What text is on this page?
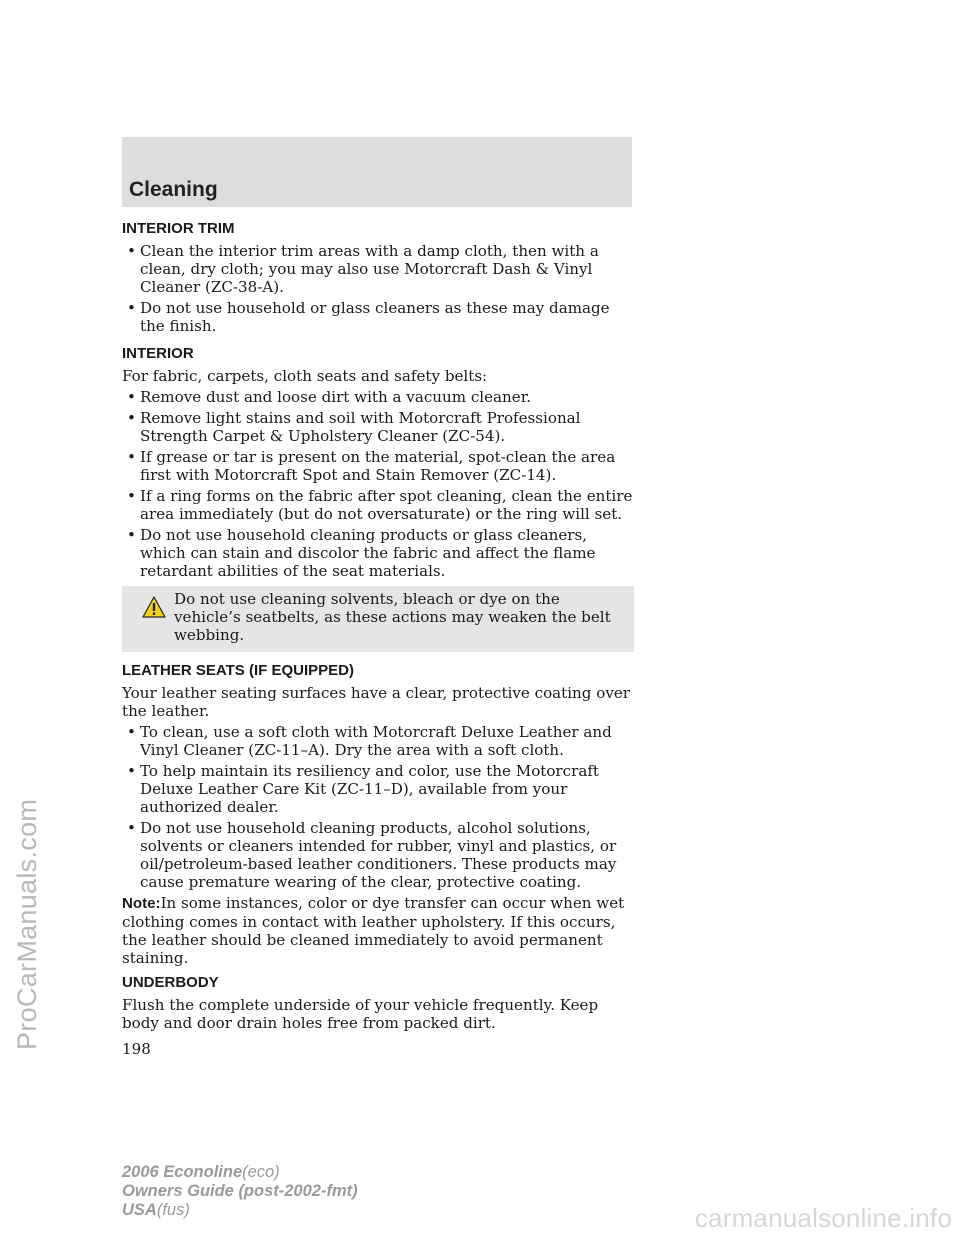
ProCarManuals.com
Cleaning
INTERIOR TRIM
• Clean the interior trim areas with a damp cloth, then with a clean, dry cloth; you may also use Motorcraft Dash & Vinyl Cleaner (ZC-38-A).
• Do not use household or glass cleaners as these may damage the finish.
INTERIOR
For fabric, carpets, cloth seats and safety belts:
• Remove dust and loose dirt with a vacuum cleaner.
• Remove light stains and soil with Motorcraft Professional Strength Carpet & Upholstery Cleaner (ZC-54).
• If grease or tar is present on the material, spot-clean the area first with Motorcraft Spot and Stain Remover (ZC-14).
• If a ring forms on the fabric after spot cleaning, clean the entire area immediately (but do not oversaturate) or the ring will set.
• Do not use household cleaning products or glass cleaners, which can stain and discolor the fabric and affect the flame retardant abilities of the seat materials.
Do not use cleaning solvents, bleach or dye on the vehicle’s seatbelts, as these actions may weaken the belt webbing.
LEATHER SEATS (IF EQUIPPED)
Your leather seating surfaces have a clear, protective coating over the leather.
• To clean, use a soft cloth with Motorcraft Deluxe Leather and Vinyl Cleaner (ZC-11–A). Dry the area with a soft cloth.
• To help maintain its resiliency and color, use the Motorcraft Deluxe Leather Care Kit (ZC-11–D), available from your authorized dealer.
• Do not use household cleaning products, alcohol solutions, solvents or cleaners intended for rubber, vinyl and plastics, or oil/petroleum-based leather conditioners. These products may cause premature wearing of the clear, protective coating.
Note:In some instances, color or dye transfer can occur when wet clothing comes in contact with leather upholstery. If this occurs, the leather should be cleaned immediately to avoid permanent staining.
UNDERBODY
Flush the complete underside of your vehicle frequently. Keep body and door drain holes free from packed dirt.
198
2006 Econoline(eco)
Owners Guide (post-2002-fmt)
USA(fus)	carmanualsonline.info
